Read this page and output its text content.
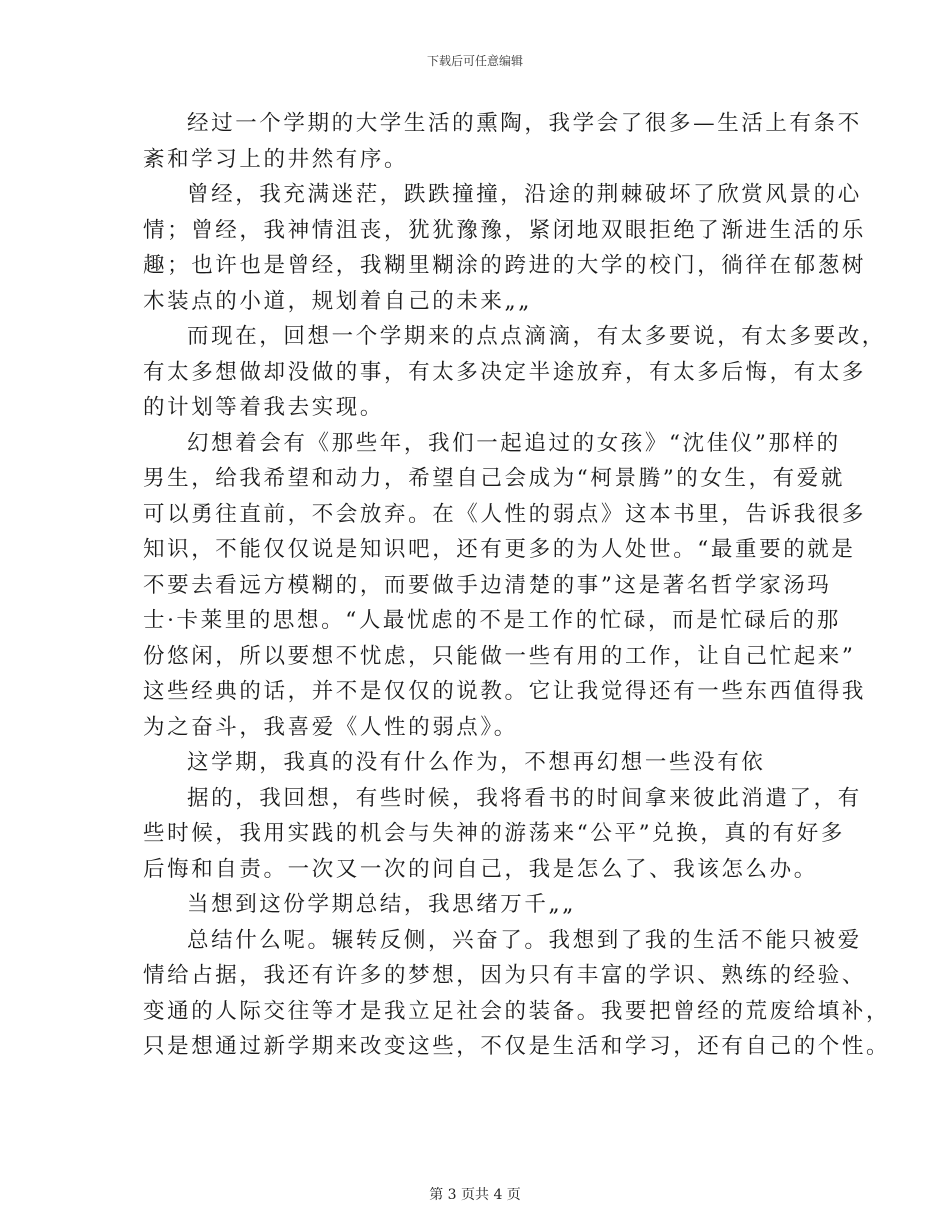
下载后可任意编辑
经过一个学期的大学生活的熏陶，我学会了很多—生活上有条不
紊和学习上的井然有序。
曾经，我充满迷茫，跌跌撞撞，沿途的荆棘破坏了欣赏风景的心
情；曾经，我神情沮丧，犹犹豫豫，紧闭地双眼拒绝了渐进生活的乐
趣；也许也是曾经，我糊里糊涂的跨进的大学的校门，徜徉在郁葱树
木装点的小道，规划着自己的未来„„
而现在，回想一个学期来的点点滴滴，有太多要说，有太多要改，
有太多想做却没做的事，有太多决定半途放弃，有太多后悔，有太多
的计划等着我去实现。
幻想着会有《那些年，我们一起追过的女孩》“沈佳仪”那样的
男生，给我希望和动力，希望自己会成为“柯景腾”的女生，有爱就
可以勇往直前，不会放弃。在《人性的弱点》这本书里，告诉我很多
知识，不能仅仅说是知识吧，还有更多的为人处世。“最重要的就是
不要去看远方模糊的，而要做手边清楚的事”这是著名哲学家汤玛
士·卡莱里的思想。“人最忧虑的不是工作的忙碌，而是忙碌后的那
份悠闲，所以要想不忧虑，只能做一些有用的工作，让自己忙起来”
这些经典的话，并不是仅仅的说教。它让我觉得还有一些东西值得我
为之奋斗，我喜爱《人性的弱点》。
这学期，我真的没有什么作为，不想再幻想一些没有依
据的，我回想，有些时候，我将看书的时间拿来彼此消遣了，有
些时候，我用实践的机会与失神的游荡来“公平”兑换，真的有好多
后悔和自责。一次又一次的问自己，我是怎么了、我该怎么办。
当想到这份学期总结，我思绪万千„„
总结什么呢。辗转反侧，兴奋了。我想到了我的生活不能只被爱
情给占据，我还有许多的梦想，因为只有丰富的学识、熟练的经验、
变通的人际交往等才是我立足社会的装备。我要把曾经的荒废给填补，
只是想通过新学期来改变这些，不仅是生活和学习，还有自己的个性。
第 3 页共 4 页
